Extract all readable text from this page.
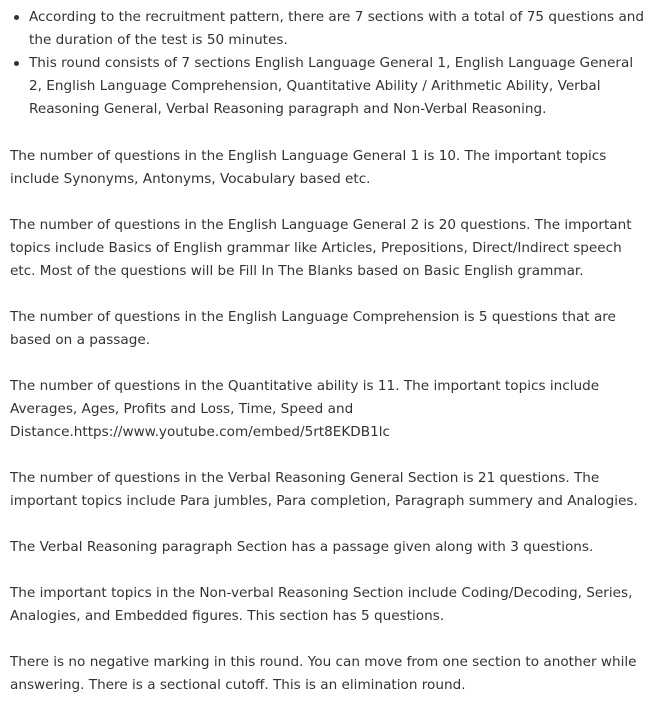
According to the recruitment pattern, there are 7 sections with a total of 75 questions and the duration of the test is 50 minutes.
This round consists of 7 sections English Language General 1, English Language General 2, English Language Comprehension, Quantitative Ability / Arithmetic Ability, Verbal Reasoning General, Verbal Reasoning paragraph and Non-Verbal Reasoning.

The number of questions in the English Language General 1 is 10. The important topics include Synonyms, Antonyms, Vocabulary based etc.

The number of questions in the English Language General 2 is 20 questions. The important topics include Basics of English grammar like Articles, Prepositions, Direct/Indirect speech etc. Most of the questions will be Fill In The Blanks based on Basic English grammar.

The number of questions in the English Language Comprehension is 5 questions that are based on a passage.

The number of questions in the Quantitative ability is 11. The important topics include Averages, Ages, Profits and Loss, Time, Speed and Distance.https://www.youtube.com/embed/5rt8EKDB1lc

The number of questions in the Verbal Reasoning General Section is 21 questions. The important topics include Para jumbles, Para completion, Paragraph summery and Analogies.

The Verbal Reasoning paragraph Section has a passage given along with 3 questions.

The important topics in the Non-verbal Reasoning Section include Coding/Decoding, Series, Analogies, and Embedded figures. This section has 5 questions.

There is no negative marking in this round. You can move from one section to another while answering. There is a sectional cutoff. This is an elimination round.
